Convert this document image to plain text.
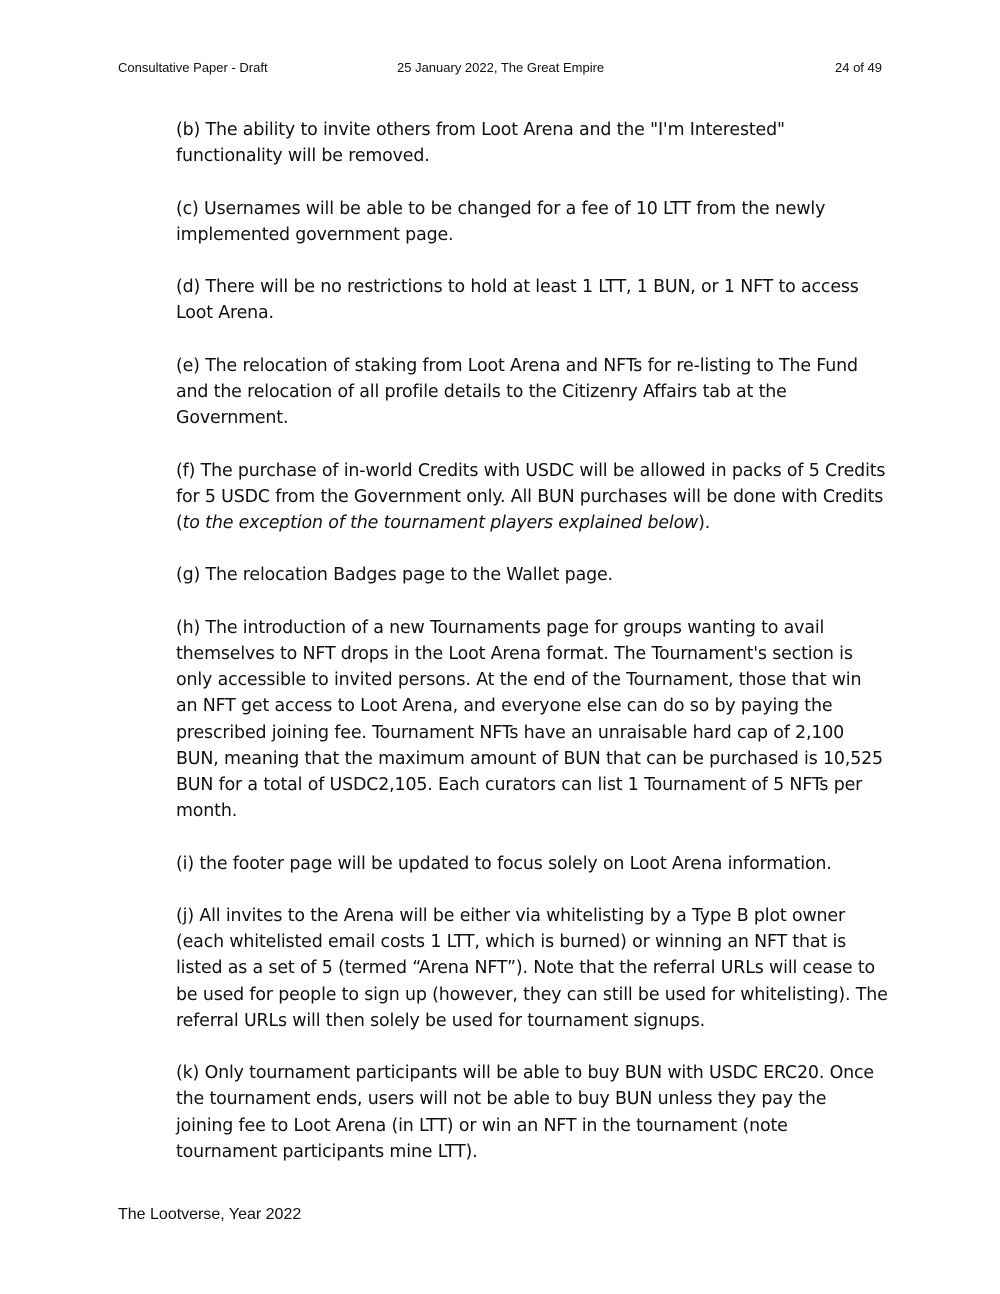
Consultative Paper - Draft	25 January 2022, The Great Empire	24 of 49

(b) The ability to invite others from Loot Arena and the "I'm Interested" functionality will be removed.

(c) Usernames will be able to be changed for a fee of 10 LTT from the newly implemented government page.

(d) There will be no restrictions to hold at least 1 LTT, 1 BUN, or 1 NFT to access Loot Arena.

(e) The relocation of staking from Loot Arena and NFTs for re-listing to The Fund and the relocation of all profile details to the Citizenry Affairs tab at the Government.

(f) The purchase of in-world Credits with USDC will be allowed in packs of 5 Credits for 5 USDC from the Government only. All BUN purchases will be done with Credits (to the exception of the tournament players explained below).

(g) The relocation Badges page to the Wallet page.

(h) The introduction of a new Tournaments page for groups wanting to avail themselves to NFT drops in the Loot Arena format. The Tournament's section is only accessible to invited persons. At the end of the Tournament, those that win an NFT get access to Loot Arena, and everyone else can do so by paying the prescribed joining fee. Tournament NFTs have an unraisable hard cap of 2,100 BUN, meaning that the maximum amount of BUN that can be purchased is 10,525 BUN for a total of USDC2,105. Each curators can list 1 Tournament of 5 NFTs per month.

(i) the footer page will be updated to focus solely on Loot Arena information.

(j) All invites to the Arena will be either via whitelisting by a Type B plot owner (each whitelisted email costs 1 LTT, which is burned) or winning an NFT that is listed as a set of 5 (termed “Arena NFT”). Note that the referral URLs will cease to be used for people to sign up (however, they can still be used for whitelisting). The referral URLs will then solely be used for tournament signups.

(k) Only tournament participants will be able to buy BUN with USDC ERC20. Once the tournament ends, users will not be able to buy BUN unless they pay the joining fee to Loot Arena (in LTT) or win an NFT in the tournament (note tournament participants mine LTT).

The Lootverse, Year 2022
